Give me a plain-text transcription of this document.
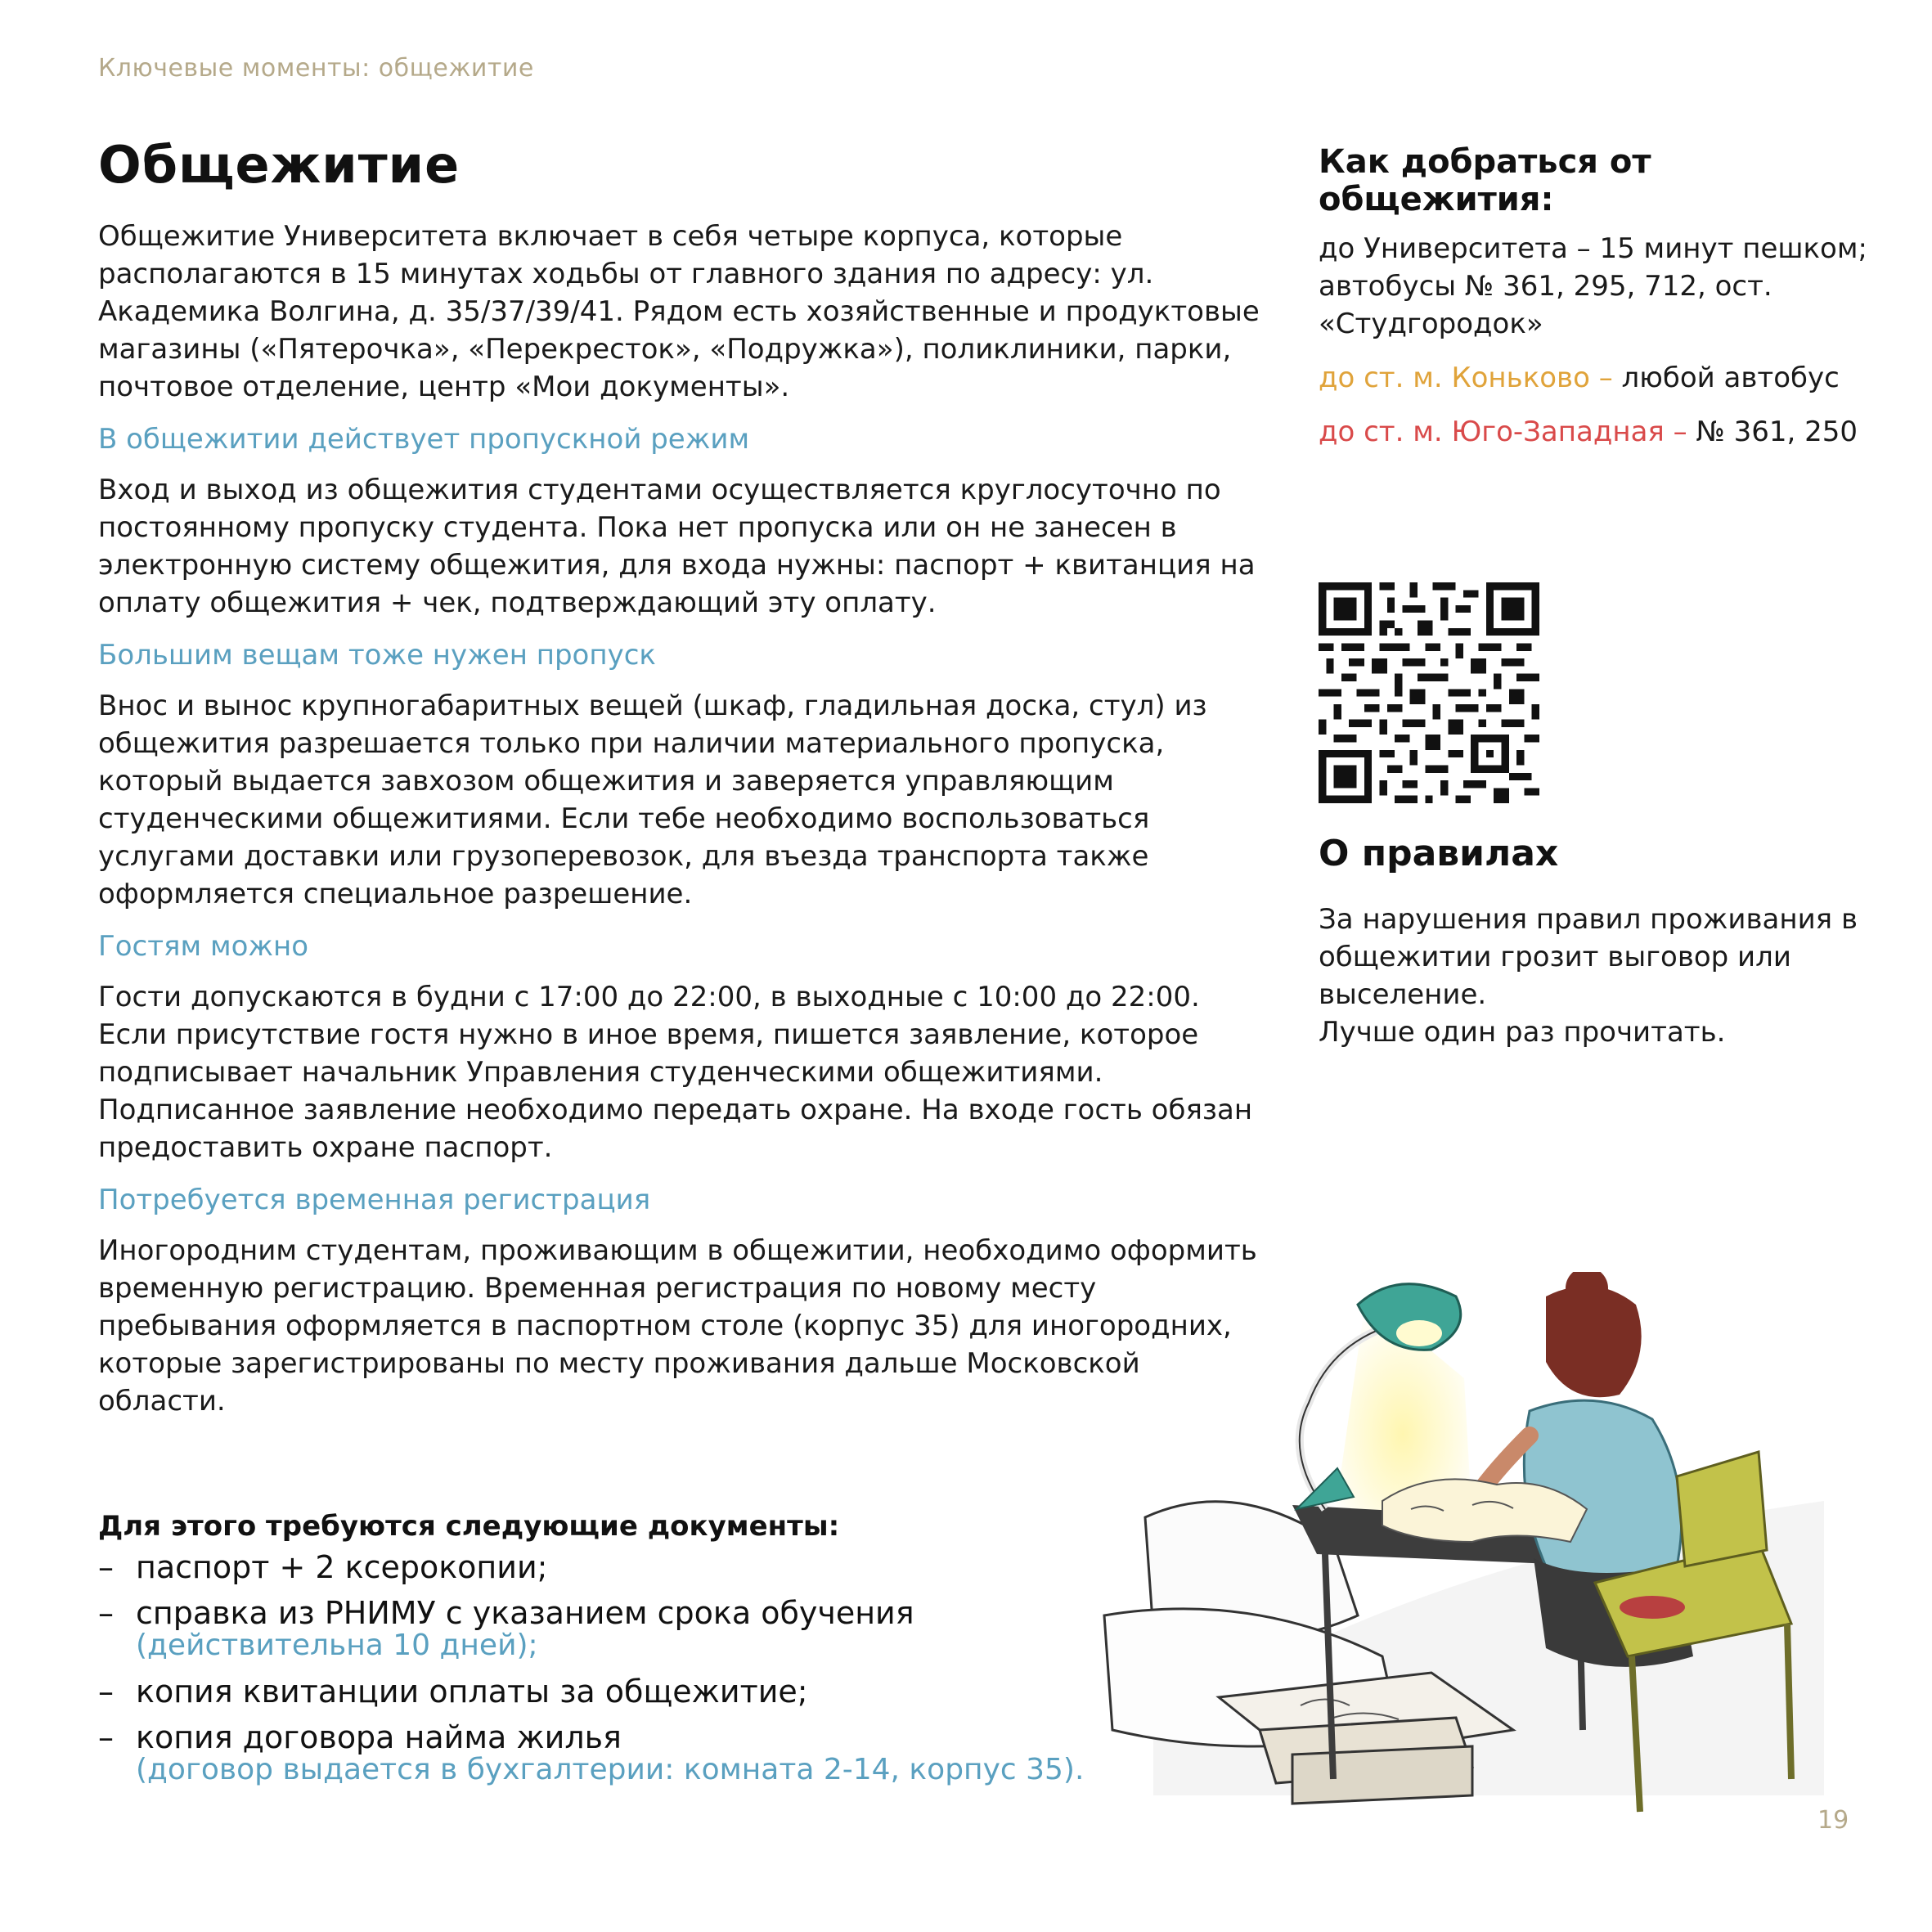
Ключевые моменты: общежитие
Общежитие

Общежитие Университета включает в себя четыре корпуса, которые располагаются в 15 минутах ходьбы от главного здания по адресу: ул. Академика Волгина, д. 35/37/39/41. Рядом есть хозяйственные и продуктовые магазины («Пятерочка», «Перекресток», «Подружка»), поликлиники, парки, почтовое отделение, центр «Мои документы».

В общежитии действует пропускной режим

Вход и выход из общежития студентами осуществляется круглосуточно по постоянному пропуску студента. Пока нет пропуска или он не занесен в электронную систему общежития, для входа нужны: паспорт + квитанция на оплату общежития + чек, подтверждающий эту оплату.

Большим вещам тоже нужен пропуск

Внос и вынос крупногабаритных вещей (шкаф, гладильная доска, стул) из общежития разрешается только при наличии материального пропуска, который выдается завхозом общежития и заверяется управляющим студенческими общежитиями. Если тебе необходимо воспользоваться услугами доставки или грузоперевозок, для въезда транспорта также оформляется специальное разрешение.

Гостям можно

Гости допускаются в будни с 17:00 до 22:00, в выходные с 10:00 до 22:00. Если присутствие гостя нужно в иное время, пишется заявление, которое подписывает начальник Управления студенческими общежитиями. Подписанное заявление необходимо передать охране. На входе гость обязан предоставить охране паспорт.

Потребуется временная регистрация

Иногородним студентам, проживающим в общежитии, необходимо оформить временную регистрацию. Временная регистрация по новому месту пребывания оформляется в паспортном столе (корпус 35) для иногородних, которые зарегистрированы по месту проживания дальше Московской области.

Для этого требуются следующие документы:
– паспорт + 2 ксерокопии;
– справка из РНИМУ с указанием срока обучения
(действительна 10 дней);
– копия квитанции оплаты за общежитие;
– копия договора найма жилья
(договор выдается в бухгалтерии: комната 2-14, корпус 35).
Как добраться от общежития:

до Университета – 15 минут пешком; автобусы № 361, 295, 712, ост. «Студгородок»

до ст. м. Коньково – любой автобус

до ст. м. Юго-Западная – № 361, 250

О правилах

За нарушения правил проживания в общежитии грозит выговор или выселение.

Лучше один раз прочитать.

19
